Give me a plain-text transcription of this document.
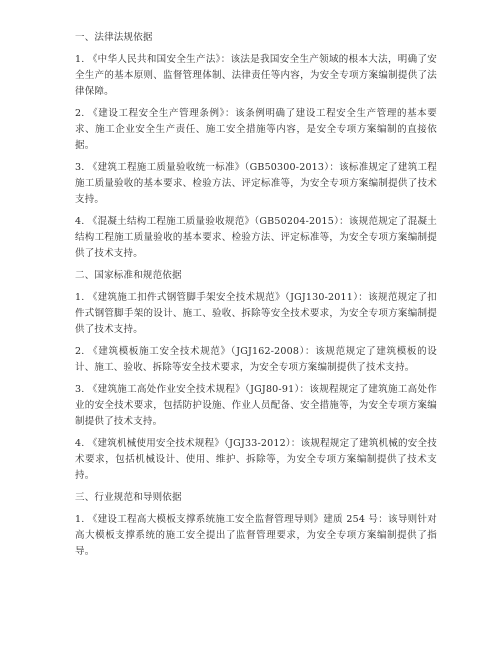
一、法律法规依据

1. 《中华人民共和国安全生产法》：该法是我国安全生产领域的根本大法，明确了安全生产的基本原则、监督管理体制、法律责任等内容，为安全专项方案编制提供了法律保障。

2. 《建设工程安全生产管理条例》：该条例明确了建设工程安全生产管理的基本要求、施工企业安全生产责任、施工安全措施等内容，是安全专项方案编制的直接依据。

3. 《建筑工程施工质量验收统一标准》（GB50300-2013）：该标准规定了建筑工程施工质量验收的基本要求、检验方法、评定标准等，为安全专项方案编制提供了技术支持。

4. 《混凝土结构工程施工质量验收规范》（GB50204-2015）：该规范规定了混凝土结构工程施工质量验收的基本要求、检验方法、评定标准等，为安全专项方案编制提供了技术支持。

二、国家标准和规范依据

1. 《建筑施工扣件式钢管脚手架安全技术规范》（JGJ130-2011）：该规范规定了扣件式钢管脚手架的设计、施工、验收、拆除等安全技术要求，为安全专项方案编制提供了技术支持。

2. 《建筑模板施工安全技术规范》（JGJ162-2008）：该规范规定了建筑模板的设计、施工、验收、拆除等安全技术要求，为安全专项方案编制提供了技术支持。

3. 《建筑施工高处作业安全技术规程》（JGJ80-91）：该规程规定了建筑施工高处作业的安全技术要求，包括防护设施、作业人员配备、安全措施等，为安全专项方案编制提供了技术支持。

4. 《建筑机械使用安全技术规程》（JGJ33-2012）：该规程规定了建筑机械的安全技术要求，包括机械设计、使用、维护、拆除等，为安全专项方案编制提供了技术支持。

三、行业规范和导则依据

1. 《建设工程高大模板支撑系统施工安全监督管理导则》建质 254 号：该导则针对高大模板支撑系统的施工安全提出了监督管理要求，为安全专项方案编制提供了指导。
